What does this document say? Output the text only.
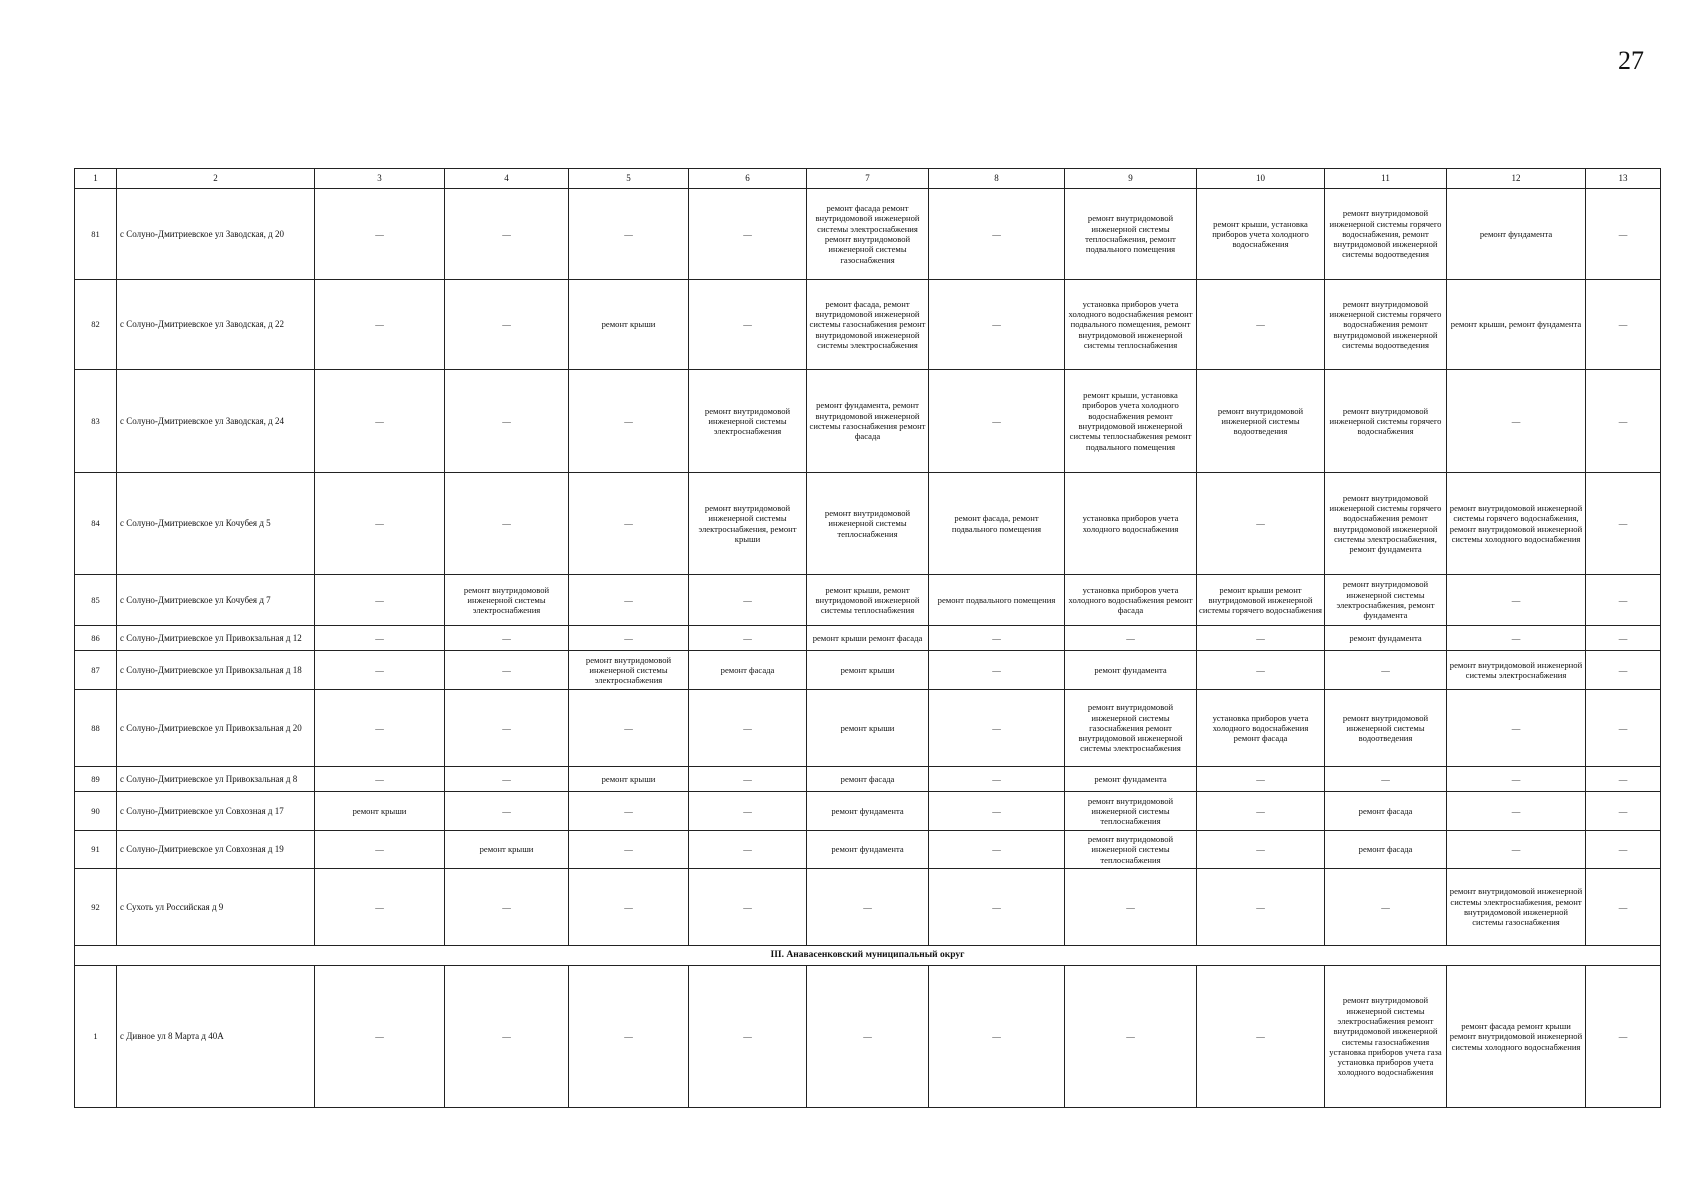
27
1	2	3	4	5	6	7	8	9	10	11	12	13
81	с Солуно-Дмитриевское ул Заводская, д 20	—	—	—	—	ремонт фасада ремонт внутридомовой инженерной системы электроснабжения ремонт внутридомовой инженерной системы газоснабжения	—	ремонт внутридомовой инженерной системы теплоснабжения, ремонт подвального помещения	ремонт крыши, установка приборов учета холодного водоснабжения	ремонт внутридомовой инженерной системы горячего водоснабжения, ремонт внутридомовой инженерной системы водоотведения	ремонт фундамента	—
82	с Солуно-Дмитриевское ул Заводская, д 22	—	—	ремонт крыши	—	ремонт фасада, ремонт внутридомовой инженерной системы газоснабжения ремонт внутридомовой инженерной системы электроснабжения	—	установка приборов учета холодного водоснабжения ремонт подвального помещения, ремонт внутридомовой инженерной системы теплоснабжения	—	ремонт внутридомовой инженерной системы горячего водоснабжения ремонт внутридомовой инженерной системы водоотведения	ремонт крыши, ремонт фундамента	—
83	с Солуно-Дмитриевское ул Заводская, д 24	—	—	—	ремонт внутридомовой инженерной системы электроснабжения	ремонт фундамента, ремонт внутридомовой инженерной системы газоснабжения ремонт фасада	—	ремонт крыши, установка приборов учета холодного водоснабжения ремонт внутридомовой инженерной системы теплоснабжения ремонт подвального помещения	ремонт внутридомовой инженерной системы водоотведения	ремонт внутридомовой инженерной системы горячего водоснабжения	—	—
84	с Солуно-Дмитриевское ул Кочубея д 5	—	—	—	ремонт внутридомовой инженерной системы электроснабжения, ремонт крыши	ремонт внутридомовой инженерной системы теплоснабжения	ремонт фасада, ремонт подвального помещения	установка приборов учета холодного водоснабжения	—	ремонт внутридомовой инженерной системы горячего водоснабжения ремонт внутридомовой инженерной системы электроснабжения, ремонт фундамента	ремонт внутридомовой инженерной системы горячего водоснабжения, ремонт внутридомовой инженерной системы холодного водоснабжения	—
85	с Солуно-Дмитриевское ул Кочубея д 7	—	ремонт внутридомовой инженерной системы электроснабжения	—	—	ремонт крыши, ремонт внутридомовой инженерной системы теплоснабжения	ремонт подвального помещения	установка приборов учета холодного водоснабжения ремонт фасада	ремонт крыши ремонт внутридомовой инженерной системы горячего водоснабжения	ремонт внутридомовой инженерной системы электроснабжения, ремонт фундамента	—	—
86	с Солуно-Дмитриевское ул Привокзальная д 12	—	—	—	—	ремонт крыши ремонт фасада	—	—	—	ремонт фундамента	—	—
87	с Солуно-Дмитриевское ул Привокзальная д 18	—	—	ремонт внутридомовой инженерной системы электроснабжения	ремонт фасада	ремонт крыши	—	ремонт фундамента	—	—	ремонт внутридомовой инженерной системы электроснабжения	—
88	с Солуно-Дмитриевское ул Привокзальная д 20	—	—	—	—	ремонт крыши	—	ремонт внутридомовой инженерной системы газоснабжения ремонт внутридомовой инженерной системы электроснабжения	установка приборов учета холодного водоснабжения ремонт фасада	ремонт внутридомовой инженерной системы водоотведения	—	—
89	с Солуно-Дмитриевское ул Привокзальная д 8	—	—	ремонт крыши	—	ремонт фасада	—	ремонт фундамента	—	—	—	—
90	с Солуно-Дмитриевское ул Совхозная д 17	ремонт крыши	—	—	—	ремонт фундамента	—	ремонт внутридомовой инженерной системы теплоснабжения	—	ремонт фасада	—	—
91	с Солуно-Дмитриевское ул Совхозная д 19	—	ремонт крыши	—	—	ремонт фундамента	—	ремонт внутридомовой инженерной системы теплоснабжения	—	ремонт фасада	—	—
92	с Сухоть ул Российская д 9	—	—	—	—	—	—	—	—	—	ремонт внутридомовой инженерной системы электроснабжения, ремонт внутридомовой инженерной системы газоснабжения	—
III. Анавасенковский муниципальный округ												
1	с Дивное ул 8 Марта д 40А	—	—	—	—	—	—	—	—	ремонт внутридомовой инженерной системы электроснабжения ремонт внутридомовой инженерной системы газоснабжения установка приборов учета газа установка приборов учета холодного водоснабжения	ремонт фасада ремонт крыши ремонт внутридомовой инженерной системы холодного водоснабжения	—
